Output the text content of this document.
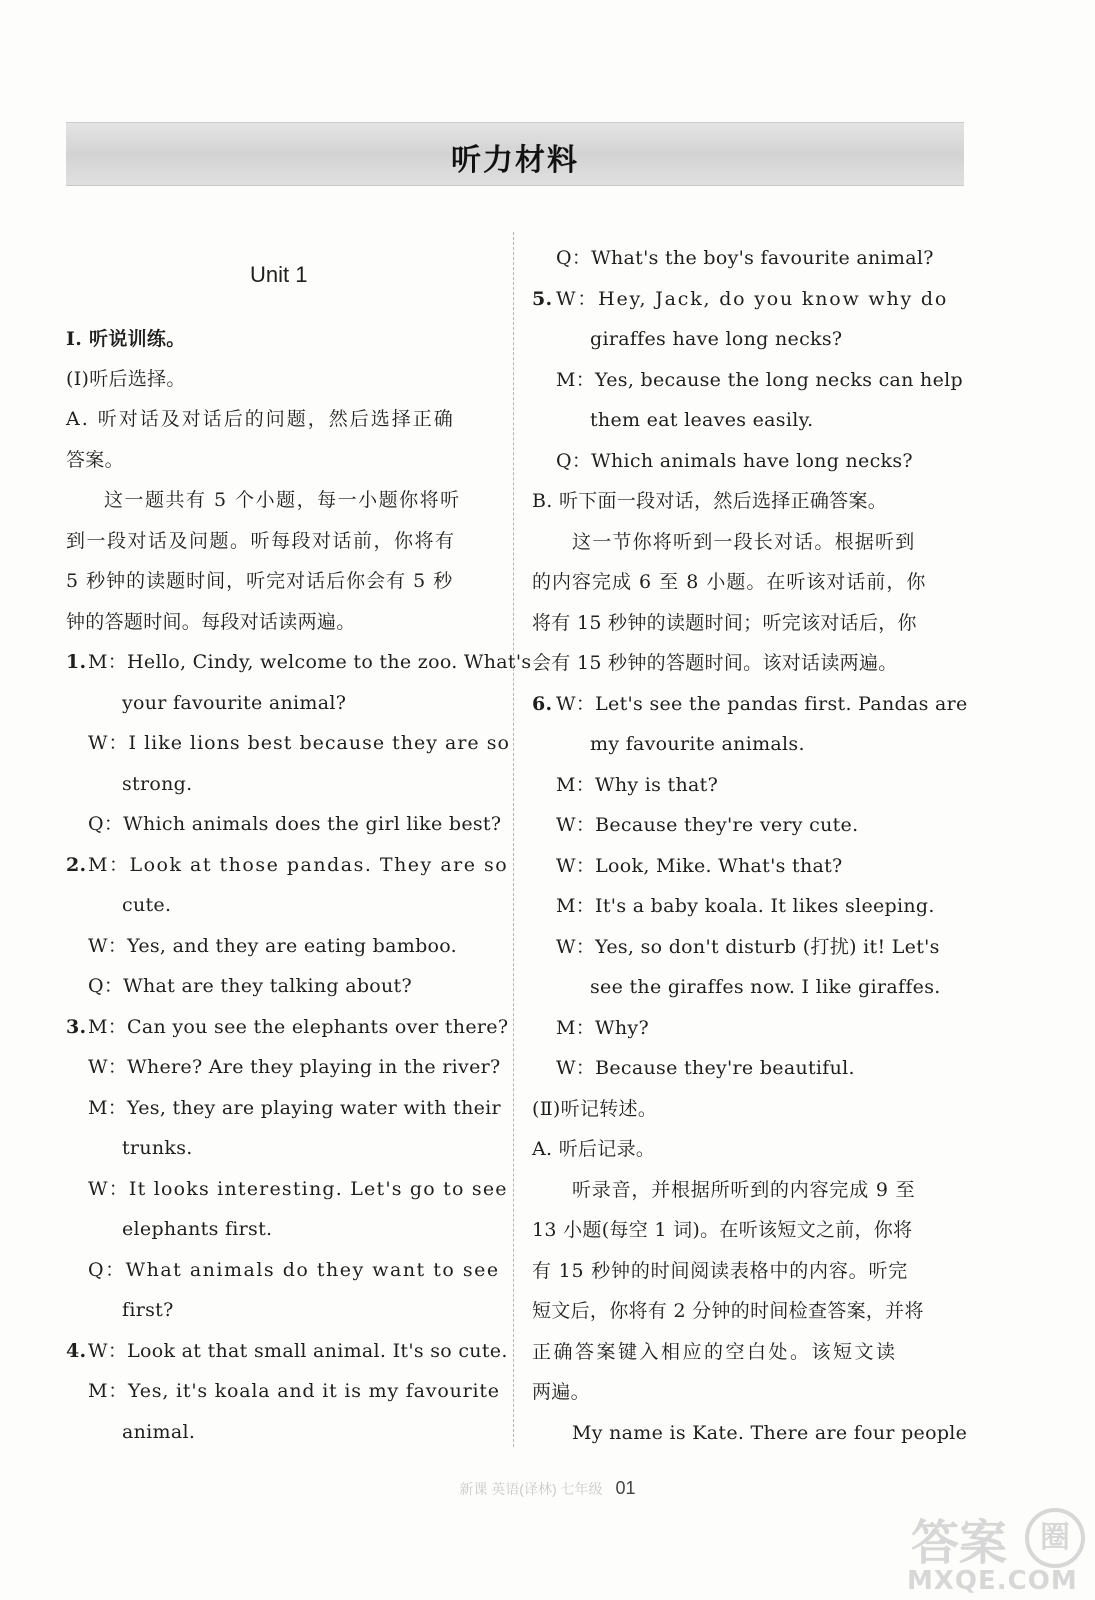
听力材料
Unit 1
Ⅰ. 听说训练。
(Ⅰ)听后选择。
A. 听对话及对话后的问题，然后选择正确
答案。
这一题共有 5 个小题，每一小题你将听
到一段对话及问题。听每段对话前，你将有
5 秒钟的读题时间，听完对话后你会有 5 秒
钟的答题时间。每段对话读两遍。
1. M：Hello, Cindy, welcome to the zoo. What's
your favourite animal?
W：I like lions best because they are so
strong.
Q：Which animals does the girl like best?
2. M：Look at those pandas. They are so
cute.
W：Yes, and they are eating bamboo.
Q：What are they talking about?
3. M：Can you see the elephants over there?
W：Where? Are they playing in the river?
M：Yes, they are playing water with their
trunks.
W：It looks interesting. Let's go to see
elephants first.
Q：What animals do they want to see
first?
4. W：Look at that small animal. It's so cute.
M：Yes, it's koala and it is my favourite
animal.
Q：What's the boy's favourite animal?
5. W：Hey, Jack, do you know why do
giraffes have long necks?
M：Yes, because the long necks can help
them eat leaves easily.
Q：Which animals have long necks?
B. 听下面一段对话，然后选择正确答案。
这一节你将听到一段长对话。根据听到
的内容完成 6 至 8 小题。在听该对话前，你
将有 15 秒钟的读题时间；听完该对话后，你
会有 15 秒钟的答题时间。该对话读两遍。
6. W：Let's see the pandas first. Pandas are
my favourite animals.
M：Why is that?
W：Because they're very cute.
W：Look, Mike. What's that?
M：It's a baby koala. It likes sleeping.
W：Yes, so don't disturb (打扰) it! Let's
see the giraffes now. I like giraffes.
M：Why?
W：Because they're beautiful.
(Ⅱ)听记转述。
A. 听后记录。
听录音，并根据所听到的内容完成 9 至
13 小题(每空 1 词)。在听该短文之前，你将
有 15 秒钟的时间阅读表格中的内容。听完
短文后，你将有 2 分钟的时间检查答案，并将
正确答案键入相应的空白处。该短文读
两遍。
My name is Kate. There are four people
新课 英语(译林) 七年级 01
答案	圈
MXQE.COM
